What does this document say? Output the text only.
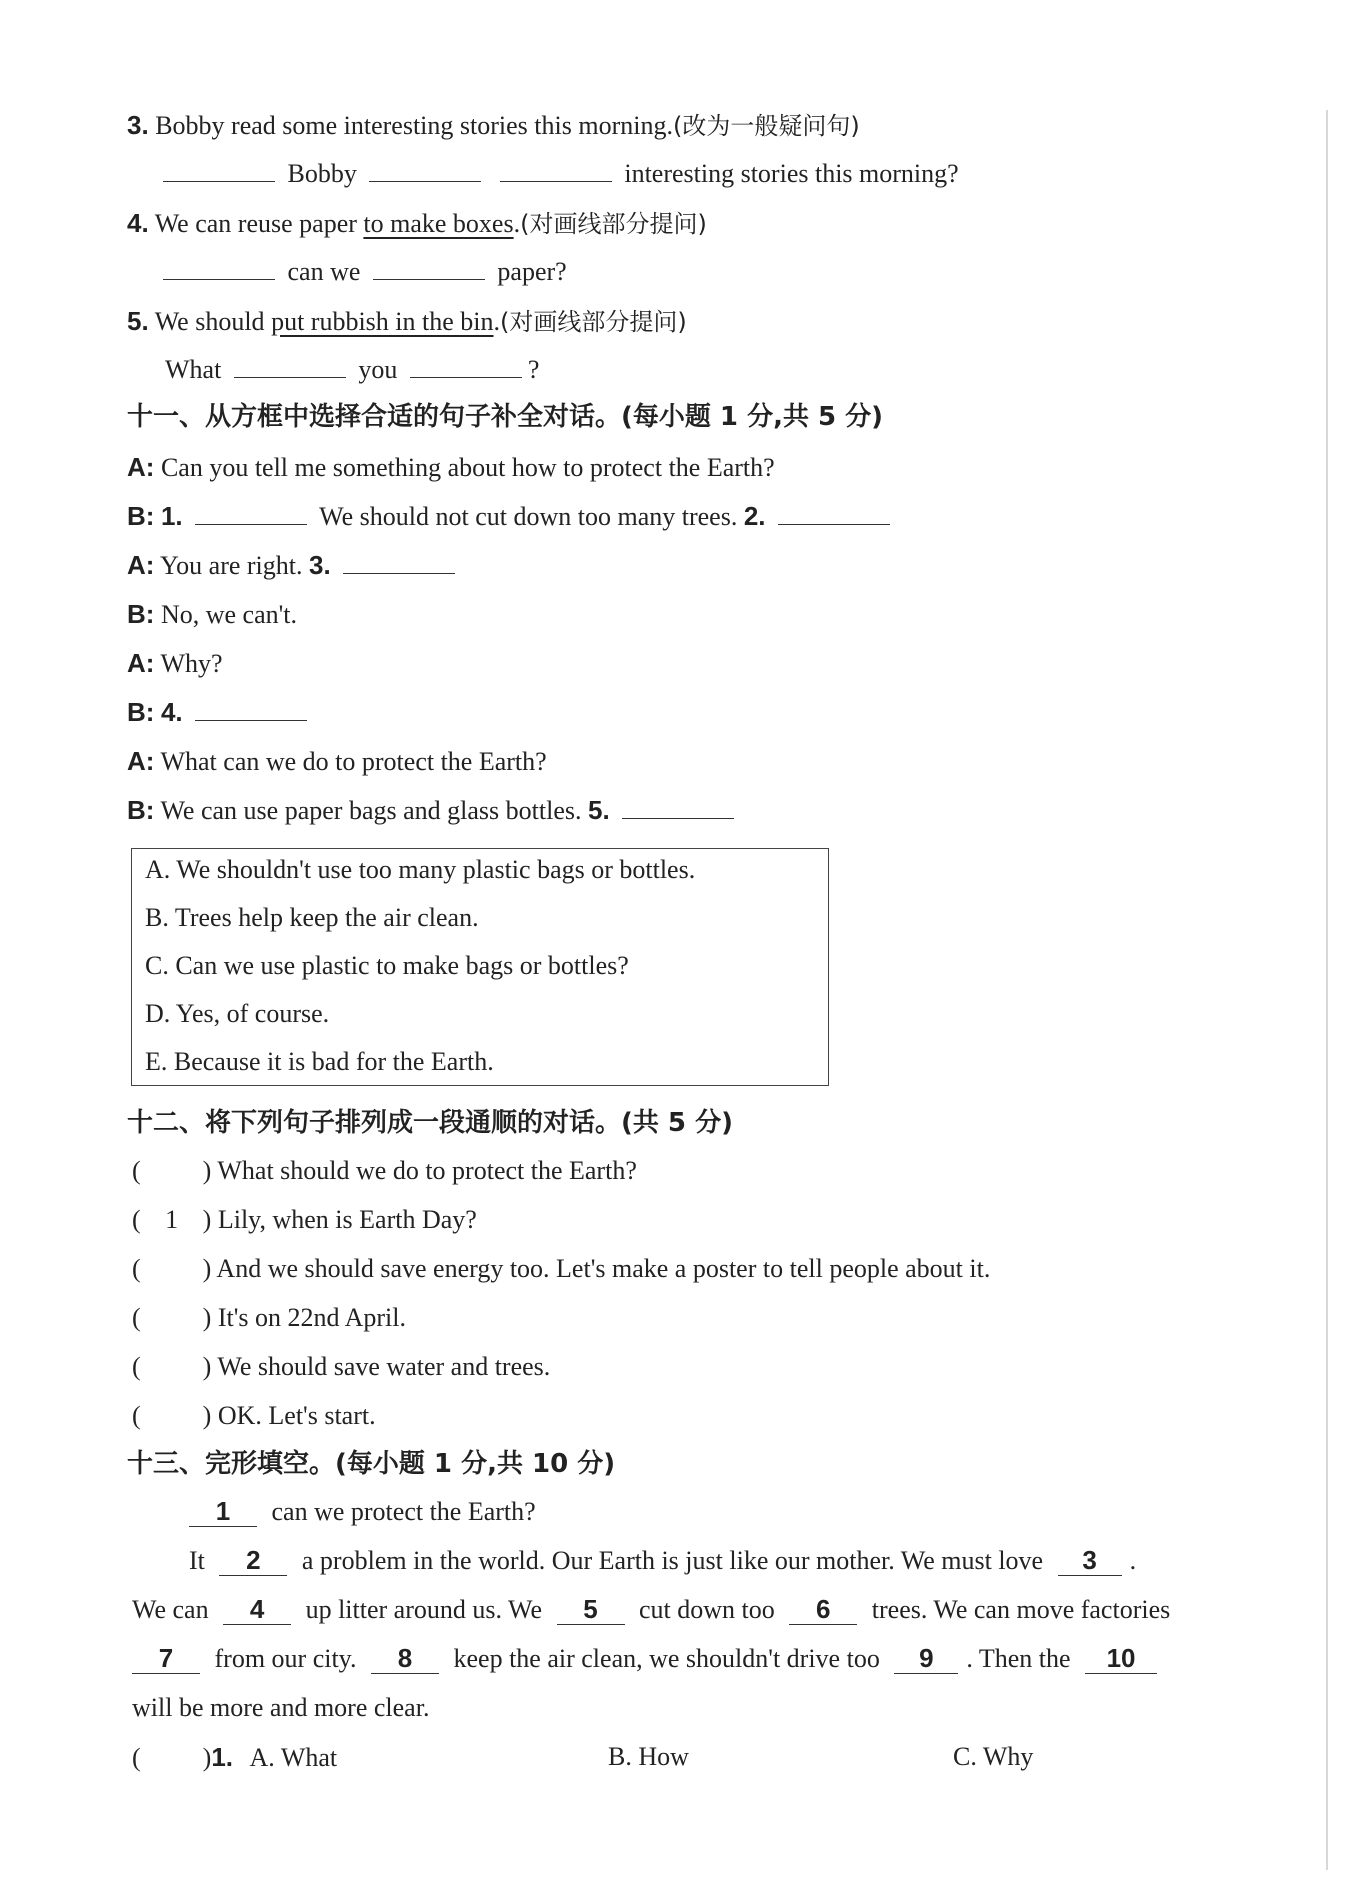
3. Bobby read some interesting stories this morning.(改为一般疑问句)
Bobby	interesting stories this morning?
4. We can reuse paper to make boxes.(对画线部分提问)
can we	paper?
5. We should put rubbish in the bin.(对画线部分提问)
What	you	?
十一、从方框中选择合适的句子补全对话。(每小题 1 分,共 5 分)
A: Can you tell me something about how to protect the Earth?
B: 1.	We should not cut down too many trees. 2.
A: You are right. 3.
B: No, we can't.
A: Why?
B: 4.
A: What can we do to protect the Earth?
B: We can use paper bags and glass bottles. 5.
A. We shouldn't use too many plastic bags or bottles.
B. Trees help keep the air clean.
C. Can we use plastic to make bags or bottles?
D. Yes, of course.
E. Because it is bad for the Earth.
十二、将下列句子排列成一段通顺的对话。(共 5 分)
( ) What should we do to protect the Earth?
( 1 ) Lily, when is Earth Day?
( ) And we should save energy too. Let's make a poster to tell people about it.
( ) It's on 22nd April.
( ) We should save water and trees.
( ) OK. Let's start.
十三、完形填空。(每小题 1 分,共 10 分)
1 can we protect the Earth?
It 2 a problem in the world. Our Earth is just like our mother. We must love 3 .
We can 4 up litter around us. We 5 cut down too 6 trees. We can move factories
7 from our city. 8 keep the air clean, we shouldn't drive too 9 . Then the 10
will be more and more clear.
( )1. A. What	B. How	C. Why
